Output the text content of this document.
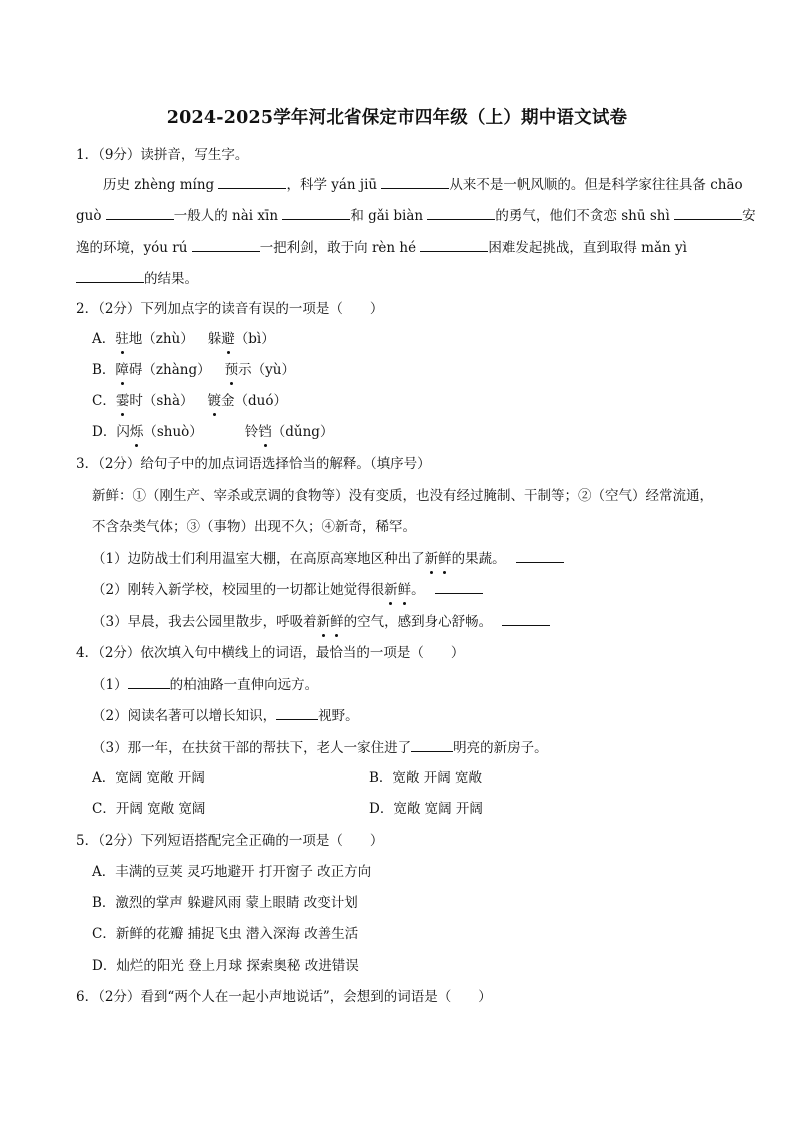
2024-2025学年河北省保定市四年级（上）期中语文试卷
1．（9分）读拼音，写生字。
历史 zhèng míng	，科学 yán jiū	从来不是一帆风顺的。但是科学家往往具备 chāo
guò	一般人的 nài xīn	和 gǎi biàn	的勇气，他们不贪恋 shū shì	安
逸的环境，yóu rú	一把利剑，敢于向 rèn hé	困难发起挑战，直到取得 mǎn yì
的结果。
2．（2分）下列加点字的读音有误的一项是（　　）
A．驻地（zhù） 躲避（bì）
B．障碍（zhàng） 预示（yù）
C．霎时（shà） 镀金（duó）
D．闪烁（shuò）	铃铛（dǔng）
3．（2分）给句子中的加点词语选择恰当的解释。（填序号）
新鲜：①（刚生产、宰杀或烹调的食物等）没有变质，也没有经过腌制、干制等；②（空气）经常流通，
不含杂类气体；③（事物）出现不久；④新奇，稀罕。
（1）边防战士们利用温室大棚，在高原高寒地区种出了新鲜的果蔬。
（2）刚转入新学校，校园里的一切都让她觉得很新鲜。
（3）早晨，我去公园里散步，呼吸着新鲜的空气，感到身心舒畅。
4．（2分）依次填入句中横线上的词语，最恰当的一项是（　　）
（1）	的柏油路一直伸向远方。
（2）阅读名著可以增长知识，	视野。
（3）那一年，在扶贫干部的帮扶下，老人一家住进了	明亮的新房子。
A．宽阔 宽敞 开阔	B．宽敞 开阔 宽敞
C．开阔 宽敞 宽阔	D．宽敞 宽阔 开阔
5．（2分）下列短语搭配完全正确的一项是（　　）
A．丰满的豆荚 灵巧地避开 打开窗子 改正方向
B．激烈的掌声 躲避风雨 蒙上眼睛 改变计划
C．新鲜的花瓣 捕捉飞虫 潜入深海 改善生活
D．灿烂的阳光 登上月球 探索奥秘 改进错误
6．（2分）看到“两个人在一起小声地说话”，会想到的词语是（　　）
